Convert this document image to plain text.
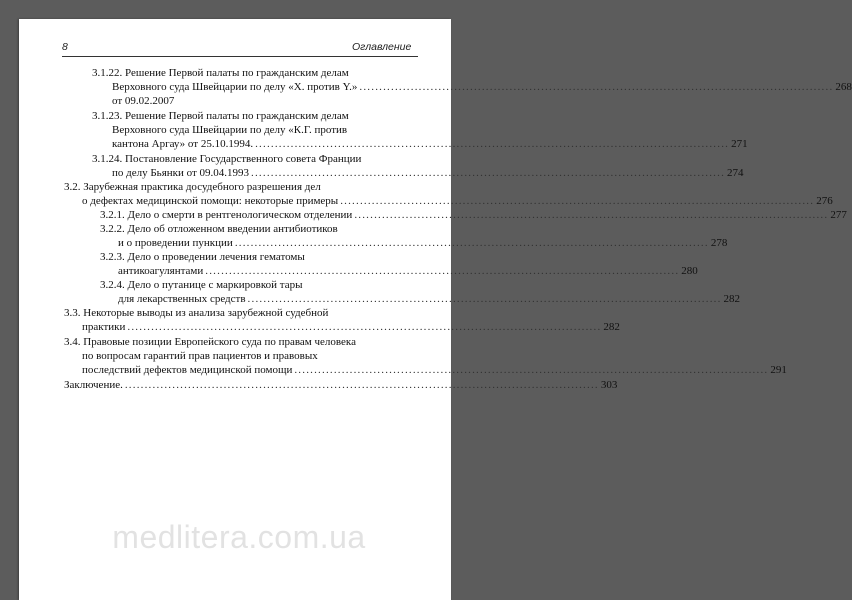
8	Оглавление
3.1.22. Решение Первой палаты по гражданским делам
Верховного суда Швейцарии по делу «X. против Y.» ........................................................................................................................ 268
от 09.02.2007
3.1.23. Решение Первой палаты по гражданским делам
Верховного суда Швейцарии по делу «К.Г. против
кантона Аргау» от 25.10.1994. ........................................................................................................................ 271
3.1.24. Постановление Государственного совета Франции
по делу Бьянки от 09.04.1993 ........................................................................................................................ 274
3.2. Зарубежная практика досудебного разрешения дел
о дефектах медицинской помощи: некоторые примеры ........................................................................................................................ 276
3.2.1. Дело о смерти в рентгенологическом отделении ........................................................................................................................ 277
3.2.2. Дело об отложенном введении антибиотиков
и о проведении пункции ........................................................................................................................ 278
3.2.3. Дело о проведении лечения гематомы
антикоагулянтами ........................................................................................................................ 280
3.2.4. Дело о путанице с маркировкой тары
для лекарственных средств ........................................................................................................................ 282
3.3. Некоторые выводы из анализа зарубежной судебной
практики ........................................................................................................................ 282
3.4. Правовые позиции Европейского суда по правам человека
по вопросам гарантий прав пациентов и правовых
последствий дефектов медицинской помощи ........................................................................................................................ 291
Заключение. ........................................................................................................................ 303
medlitera.com.ua
